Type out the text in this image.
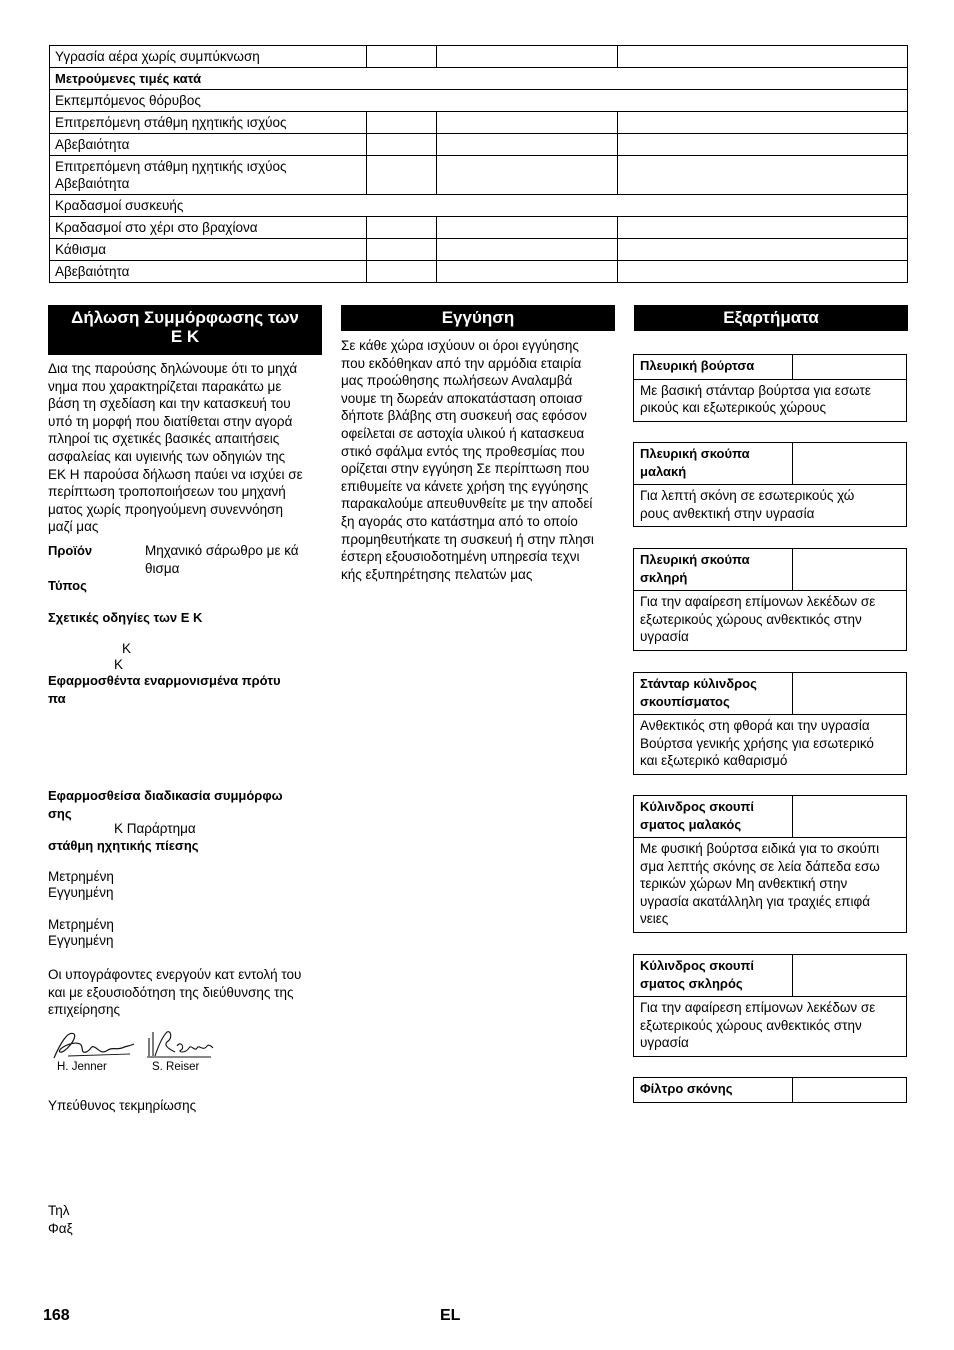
Υγρασία αέρα χωρίς συμπύκνωση			
Μετρούμενες τιμές κατά			
Εκπεμπόμενος θόρυβος			
Επιτρεπόμενη στάθμη ηχητικής ισχύος			
Αβεβαιότητα			
Επιτρεπόμενη στάθμη ηχητικής ισχύος
Αβεβαιότητα			
Κραδασμοί συσκευής			
Κραδασμοί στο χέρι στο βραχίονα			
Κάθισμα			
Αβεβαιότητα			
Δήλωση Συμμόρφωσης των
Ε Κ
Δια της παρούσης δηλώνουμε ότι το μηχά
νημα που χαρακτηρίζεται παρακάτω με
βάση τη σχεδίαση και την κατασκευή του
υπό τη μορφή που διατίθεται στην αγορά
πληροί τις σχετικές βασικές απαιτήσεις
ασφαλείας και υγιεινής των οδηγιών της
ΕΚ Η παρούσα δήλωση παύει να ισχύει σε
περίπτωση τροποποιήσεων του μηχανή
ματος χωρίς προηγούμενη συνεννόηση
μαζί μας
Προϊόν	Μηχανικό σάρωθρο με κά
θισμα
Τύπος
Σχετικές οδηγίες των Ε Κ
Κ
Κ
Εφαρμοσθέντα εναρμονισμένα πρότυ
πα
Εφαρμοσθείσα διαδικασία συμμόρφω
σης
Κ Παράρτημα
στάθμη ηχητικής πίεσης
Μετρημένη
Εγγυημένη
Μετρημένη
Εγγυημένη
Οι υπογράφοντες ενεργούν κατ εντολή του
και με εξουσιοδότηση της διεύθυνσης της
επιχείρησης
H. Jenner	S. Reiser
Υπεύθυνος τεκμηρίωσης
Τηλ
Φαξ
Εγγύηση
Σε κάθε χώρα ισχύουν οι όροι εγγύησης
που εκδόθηκαν από την αρμόδια εταιρία
μας προώθησης πωλήσεων Αναλαμβά
νουμε τη δωρεάν αποκατάσταση οποιασ
δήποτε βλάβης στη συσκευή σας εφόσον
οφείλεται σε αστοχία υλικού ή κατασκευα
στικό σφάλμα εντός της προθεσμίας που
ορίζεται στην εγγύηση Σε περίπτωση που
επιθυμείτε να κάνετε χρήση της εγγύησης
παρακαλούμε απευθυνθείτε με την αποδεί
ξη αγοράς στο κατάστημα από το οποίο
προμηθευτήκατε τη συσκευή ή στην πλησι
έστερη εξουσιοδοτημένη υπηρεσία τεχνι
κής εξυπηρέτησης πελατών μας
Εξαρτήματα
Πλευρική βούρτσα
Με βασική στάνταρ βούρτσα για εσωτε
ρικούς και εξωτερικούς χώρους
Πλευρική σκούπα
μαλακή
Για λεπτή σκόνη σε εσωτερικούς χώ
ρους ανθεκτική στην υγρασία
Πλευρική σκούπα
σκληρή
Για την αφαίρεση επίμονων λεκέδων σε
εξωτερικούς χώρους ανθεκτικός στην
υγρασία
Στάνταρ κύλινδρος
σκουπίσματος
Ανθεκτικός στη φθορά και την υγρασία
Βούρτσα γενικής χρήσης για εσωτερικό
και εξωτερικό καθαρισμό
Κύλινδρος σκουπί
σματος μαλακός
Με φυσική βούρτσα ειδικά για το σκούπι
σμα λεπτής σκόνης σε λεία δάπεδα εσω
τερικών χώρων Μη ανθεκτική στην
υγρασία ακατάλληλη για τραχιές επιφά
νειες
Κύλινδρος σκουπί
σματος σκληρός
Για την αφαίρεση επίμονων λεκέδων σε
εξωτερικούς χώρους ανθεκτικός στην
υγρασία
Φίλτρο σκόνης
168	EL
